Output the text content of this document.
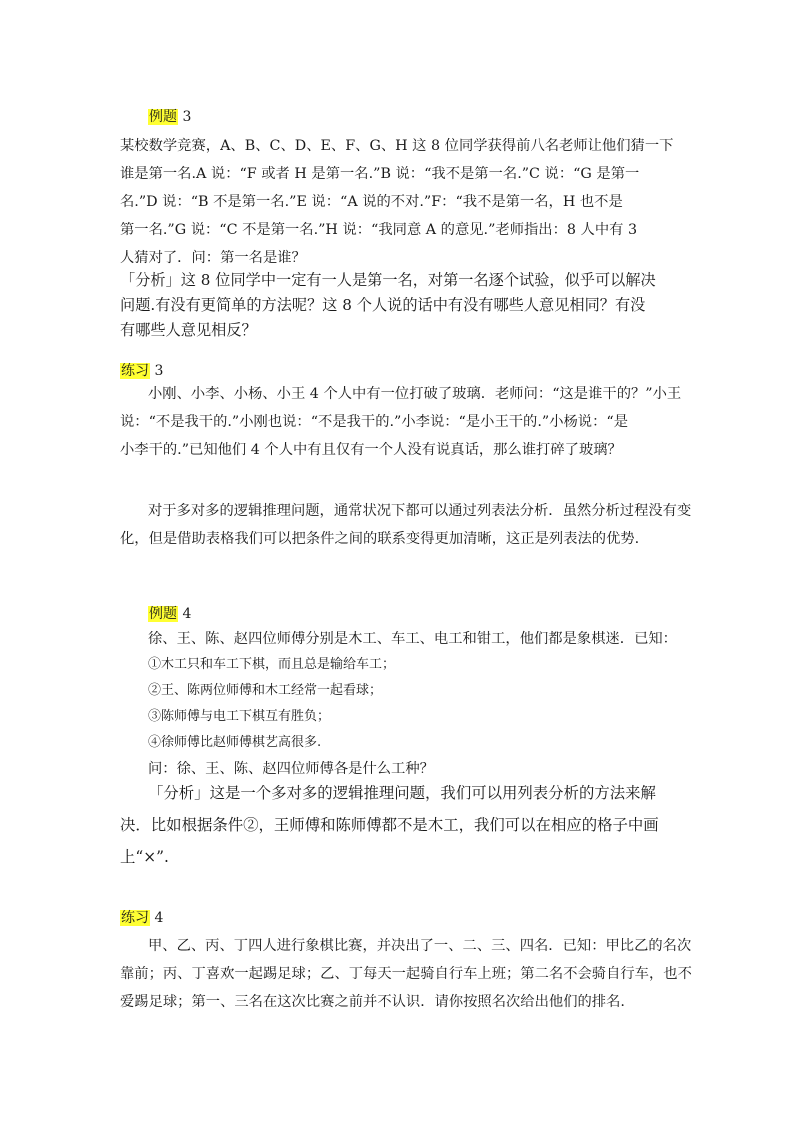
例题 3
某校数学竞赛，A、B、C、D、E、F、G、H 这 8 位同学获得前八名老师让他们猜一下
谁是第一名.A 说：“F 或者 H 是第一名.”B 说：“我不是第一名.”C 说：“G 是第一
名.”D 说：“B 不是第一名.”E 说：“A 说的不对.”F：“我不是第一名，H 也不是
第一名.”G 说：“C 不是第一名.”H 说：“我同意 A 的意见.”老师指出：8 人中有 3
人猜对了．问：第一名是谁？
「分析」这 8 位同学中一定有一人是第一名，对第一名逐个试验，似乎可以解决
问题.有没有更简单的方法呢？这 8 个人说的话中有没有哪些人意见相同？有没
有哪些人意见相反？
练习 3
小刚、小李、小杨、小王 4 个人中有一位打破了玻璃．老师问：“这是谁干的？”小王
说：“不是我干的.”小刚也说：“不是我干的.”小李说：“是小王干的.”小杨说：“是
小李干的.”已知他们 4 个人中有且仅有一个人没有说真话，那么谁打碎了玻璃？
对于多对多的逻辑推理问题，通常状况下都可以通过列表法分析．虽然分析过程没有变
化，但是借助表格我们可以把条件之间的联系变得更加清晰，这正是列表法的优势.
例题 4
徐、王、陈、赵四位师傅分别是木工、车工、电工和钳工，他们都是象棋迷．已知：
①木工只和车工下棋，而且总是输给车工；
②王、陈两位师傅和木工经常一起看球；
③陈师傅与电工下棋互有胜负；
④徐师傅比赵师傅棋艺高很多.
问：徐、王、陈、赵四位师傅各是什么工种？
「分析」这是一个多对多的逻辑推理问题，我们可以用列表分析的方法来解
决．比如根据条件②，王师傅和陈师傅都不是木工，我们可以在相应的格子中画
上“×”.
练习 4
甲、乙、丙、丁四人进行象棋比赛，并决出了一、二、三、四名．已知：甲比乙的名次
靠前；丙、丁喜欢一起踢足球；乙、丁每天一起骑自行车上班；第二名不会骑自行车，也不
爱踢足球；第一、三名在这次比赛之前并不认识．请你按照名次给出他们的排名.
